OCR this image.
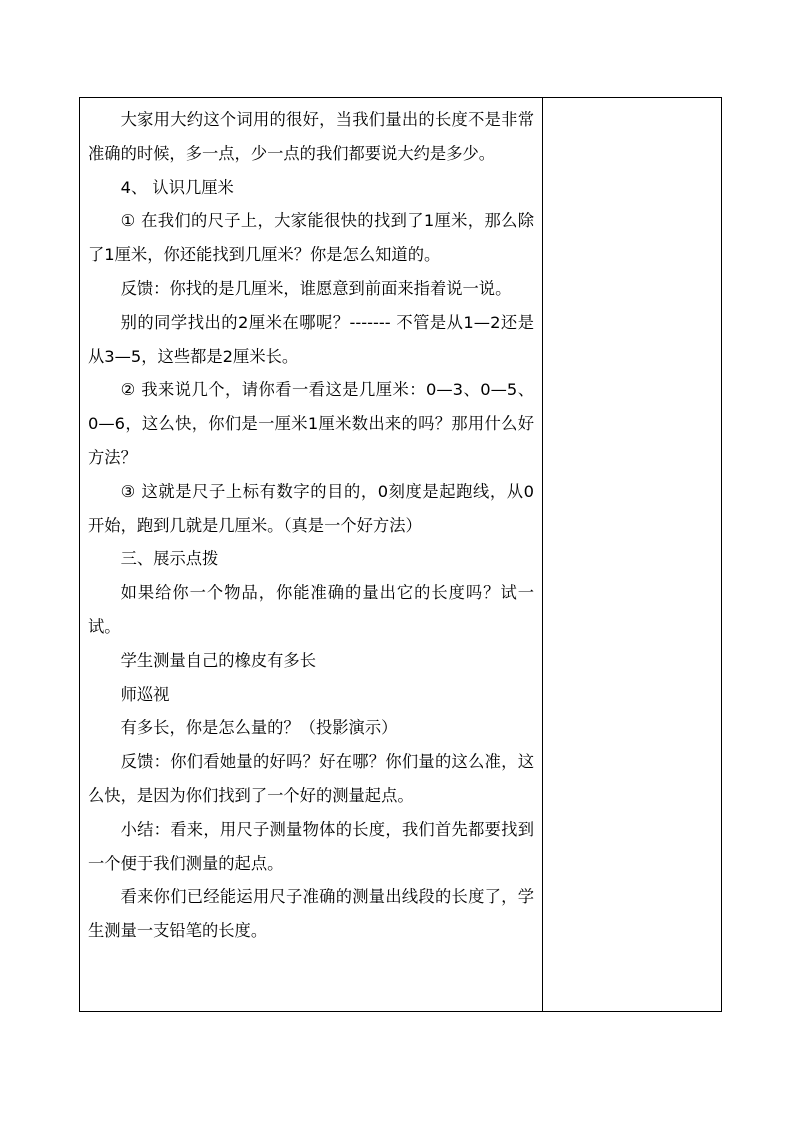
大家用大约这个词用的很好，当我们量出的长度不是非常准确的时候，多一点，少一点的我们都要说大约是多少。

4、 认识几厘米

① 在我们的尺子上，大家能很快的找到了1厘米，那么除了1厘米，你还能找到几厘米？你是怎么知道的。

反馈：你找的是几厘米，谁愿意到前面来指着说一说。

别的同学找出的2厘米在哪呢？------- 不管是从1—2还是从3—5，这些都是2厘米长。

② 我来说几个，请你看一看这是几厘米：0—3、0—5、0—6，这么快，你们是一厘米1厘米数出来的吗？那用什么好方法？

③ 这就是尺子上标有数字的目的，0刻度是起跑线，从0开始，跑到几就是几厘米。（真是一个好方法）

三、展示点拨

如果给你一个物品，你能准确的量出它的长度吗？试一试。

学生测量自己的橡皮有多长

师巡视

有多长，你是怎么量的？（投影演示）

反馈：你们看她量的好吗？好在哪？你们量的这么准，这么快，是因为你们找到了一个好的测量起点。

小结：看来，用尺子测量物体的长度，我们首先都要找到一个便于我们测量的起点。

看来你们已经能运用尺子准确的测量出线段的长度了，学生测量一支铅笔的长度。
